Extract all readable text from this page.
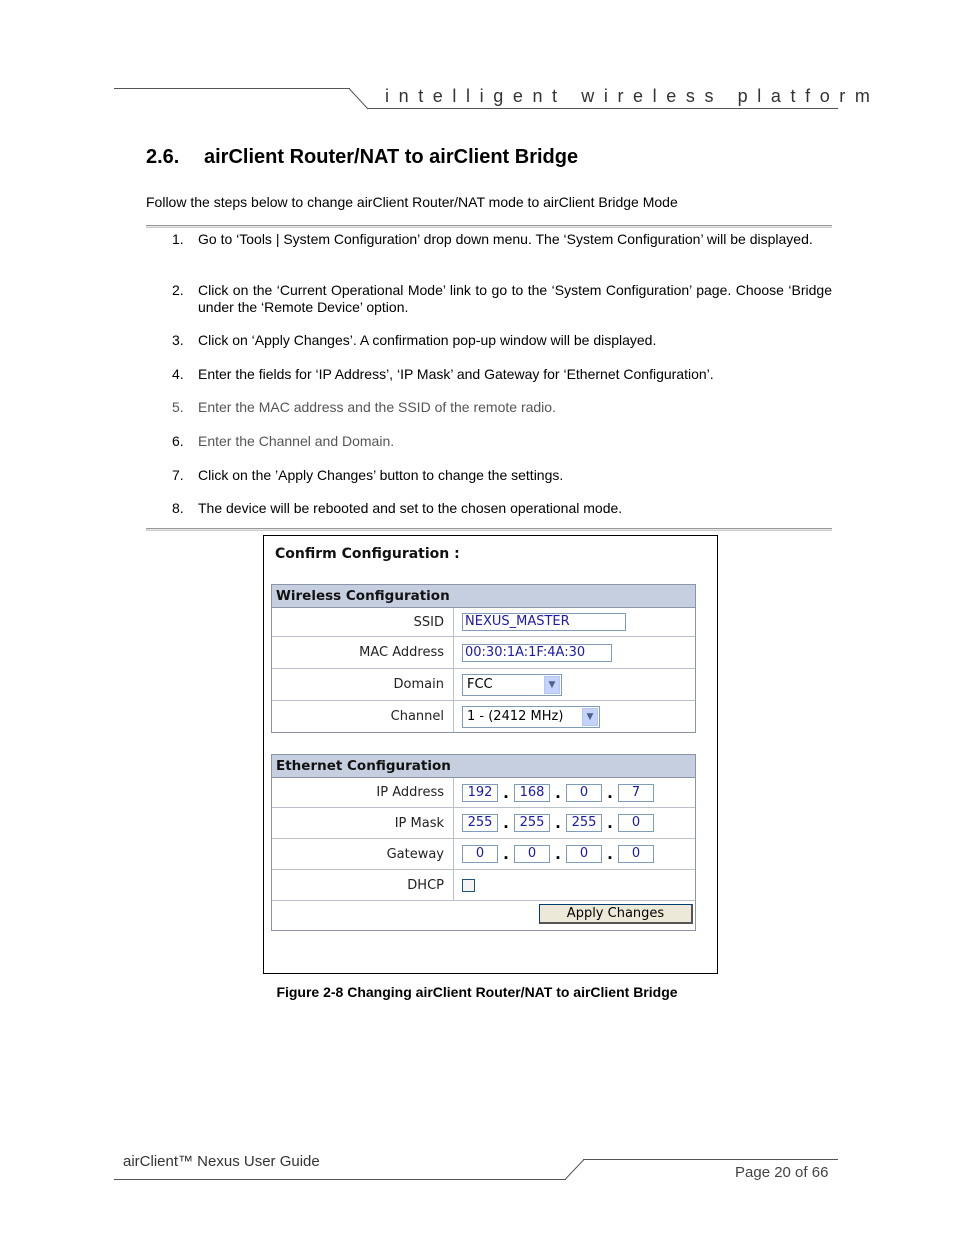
intelligent wireless platform
2.6. airClient Router/NAT to airClient Bridge
Follow the steps below to change airClient Router/NAT mode to airClient Bridge Mode
1. Go to ‘Tools | System Configuration’ drop down menu. The ‘System Configuration’ will be displayed.
2. Click on the ‘Current Operational Mode’ link to go to the ‘System Configuration’ page. Choose ‘Bridge under the ‘Remote Device’ option.
3. Click on ‘Apply Changes’. A confirmation pop-up window will be displayed.
4. Enter the fields for ‘IP Address’, ‘IP Mask’ and Gateway for ‘Ethernet Configuration’.
5. Enter the MAC address and the SSID of the remote radio.
6. Enter the Channel and Domain.
7. Click on the ’Apply Changes’ button to change the settings.
8. The device will be rebooted and set to the chosen operational mode.
Confirm Configuration :
Wireless Configuration
SSID	NEXUS_MASTER
MAC Address	00:30:1A:1F:4A:30
Domain	FCC	▼
Channel	1 - (2412 MHz)	▼
Ethernet Configuration
IP Address	192 . 168 .	0	.	7
IP Mask	255 . 255 . 255 .	0
Gateway	0	.	0	.	0	.	0
DHCP
Apply Changes
Figure 2-8 Changing airClient Router/NAT to airClient Bridge
airClient™ Nexus User Guide
Page 20 of 66
